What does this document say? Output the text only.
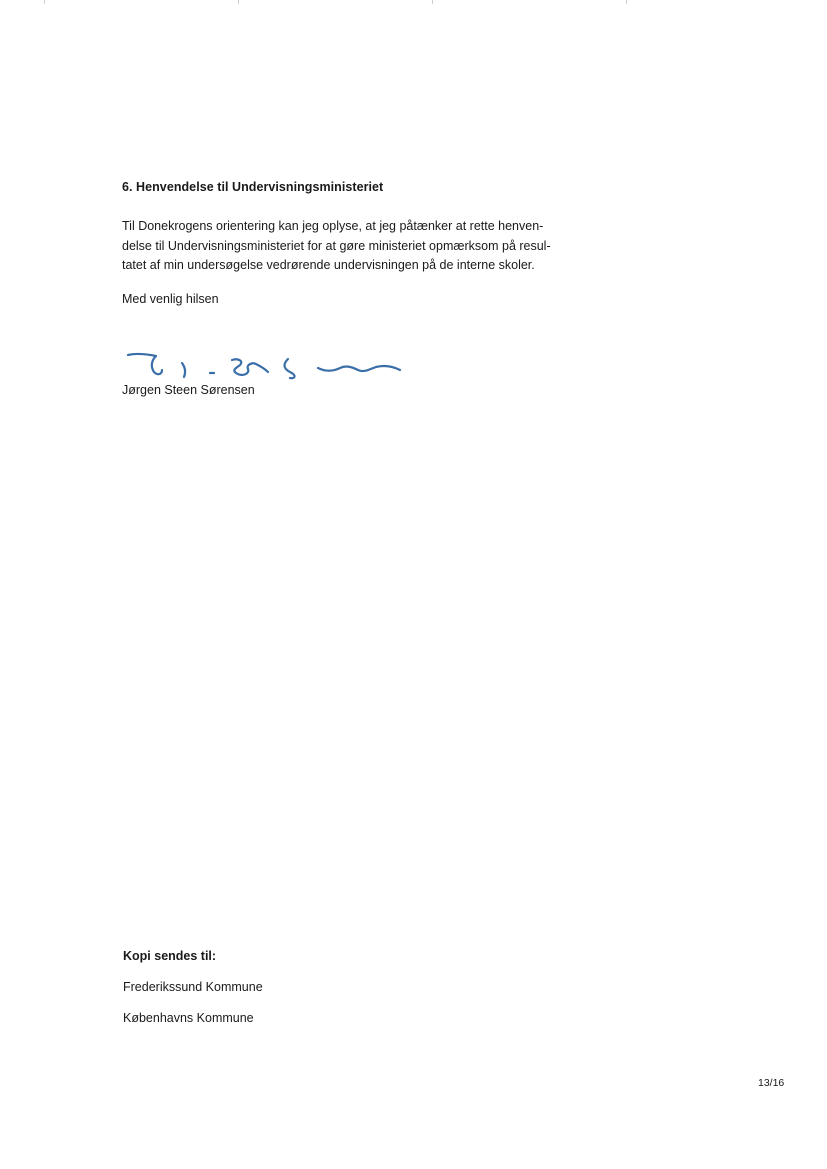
6. Henvendelse til Undervisningsministeriet
Til Donekrogens orientering kan jeg oplyse, at jeg påtænker at rette henven-
delse til Undervisningsministeriet for at gøre ministeriet opmærksom på resul-
tatet af min undersøgelse vedrørende undervisningen på de interne skoler.
Med venlig hilsen
Jørgen Steen Sørensen
Kopi sendes til:
Frederikssund Kommune
Københavns Kommune
13/16
